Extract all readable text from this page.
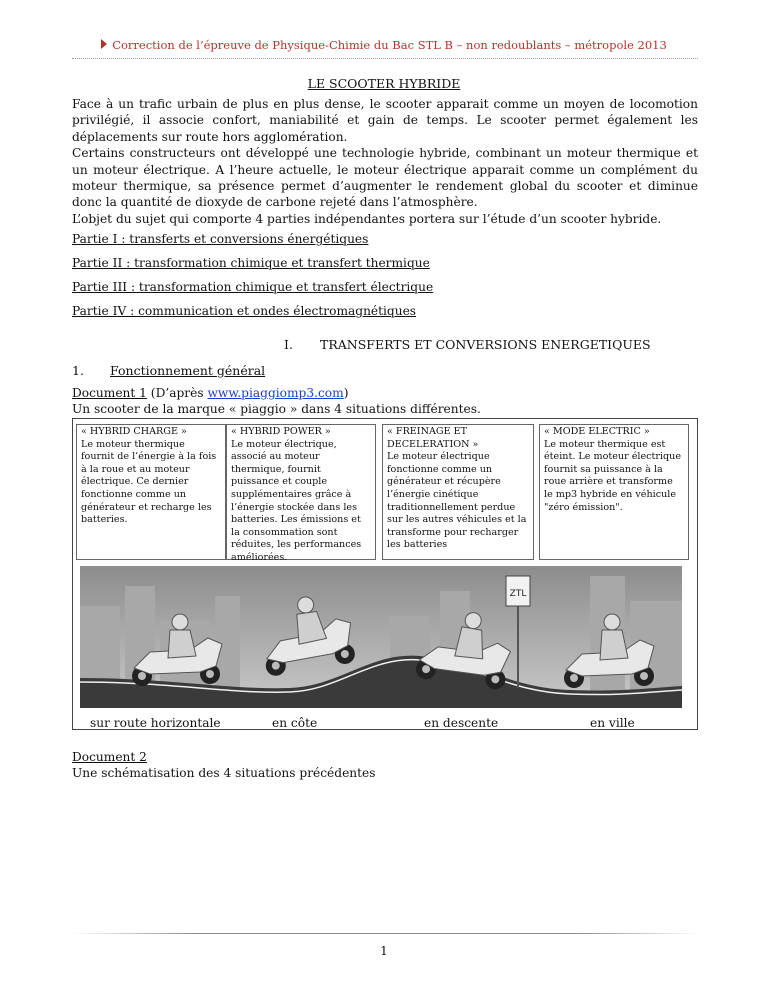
Correction de l’épreuve de Physique-Chimie du Bac STL B – non redoublants – métropole 2013
LE SCOOTER HYBRIDE

Face à un trafic urbain de plus en plus dense, le scooter apparait comme un moyen de locomotion privilégié, il associe confort, maniabilité et gain de temps. Le scooter permet également les déplacements sur route hors agglomération.

Certains constructeurs ont développé une technologie hybride, combinant un moteur thermique et un moteur électrique. A l’heure actuelle, le moteur électrique apparait comme un complément du moteur thermique, sa présence permet d’augmenter le rendement global du scooter et diminue donc la quantité de dioxyde de carbone rejeté dans l’atmosphère.

L’objet du sujet qui comporte 4 parties indépendantes portera sur l’étude d’un scooter hybride.

Partie I : transferts et conversions énergétiques
Partie II : transformation chimique et transfert thermique
Partie III : transformation chimique et transfert électrique
Partie IV : communication et ondes électromagnétiques
I. TRANSFERTS ET CONVERSIONS ENERGETIQUES
1. Fonctionnement général
Document 1 (D’après www.piaggiomp3.com)
Un scooter de la marque « piaggio » dans 4 situations différentes.
« HYBRID CHARGE »
Le moteur thermique fournit de l’énergie à la fois à la roue et au moteur électrique. Ce dernier fonctionne comme un générateur et recharge les batteries.
« HYBRID POWER »
Le moteur électrique, associé au moteur thermique, fournit puissance et couple supplémentaires grâce à l’énergie stockée dans les batteries. Les émissions et la consommation sont réduites, les performances améliorées.
« FREINAGE ET DECELERATION »
Le moteur électrique fonctionne comme un générateur et récupère l’énergie cinétique traditionnellement perdue sur les autres véhicules et la transforme pour recharger les batteries
« MODE ELECTRIC »
Le moteur thermique est éteint. Le moteur électrique fournit sa puissance à la roue arrière et transforme le mp3 hybride en véhicule "zéro émission".
ZTL
sur route horizontale	en côte	en descente	en ville
Document 2
Une schématisation des 4 situations précédentes
1
